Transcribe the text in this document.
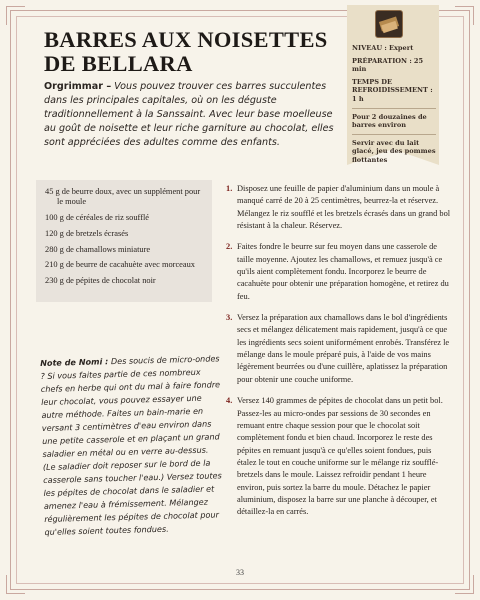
BARRES AUX NOISETTES DE BELLARA
Orgrimmar – Vous pouvez trouver ces barres succulentes dans les principales capitales, où on les déguste traditionnellement à la Sanssaint. Avec leur base moelleuse au goût de noisette et leur riche garniture au chocolat, elles sont appréciées des adultes comme des enfants.
NIVEAU : Expert
PRÉPARATION : 25 min
TEMPS DE REFROIDISSEMENT : 1 h
Pour 2 douzaines de barres environ
Servir avec du lait glacé, jeu des pommes flottantes
45 g de beurre doux, avec un supplément pour le moule
100 g de céréales de riz soufflé
120 g de bretzels écrasés
280 g de chamallows miniature
210 g de beurre de cacahuète avec morceaux
230 g de pépites de chocolat noir
Note de Nomi : Des soucis de micro-ondes ? Si vous faites partie de ces nombreux chefs en herbe qui ont du mal à faire fondre leur chocolat, vous pouvez essayer une autre méthode. Faites un bain-marie en versant 3 centimètres d'eau environ dans une petite casserole et en plaçant un grand saladier en métal ou en verre au-dessus. (Le saladier doit reposer sur le bord de la casserole sans toucher l'eau.) Versez toutes les pépites de chocolat dans le saladier et amenez l'eau à frémissement. Mélangez régulièrement les pépites de chocolat pour qu'elles soient toutes fondues.
1. Disposez une feuille de papier d'aluminium dans un moule à manqué carré de 20 à 25 centimètres, beurrez-la et réservez. Mélangez le riz soufflé et les bretzels écrasés dans un grand bol résistant à la chaleur. Réservez.
2. Faites fondre le beurre sur feu moyen dans une casserole de taille moyenne. Ajoutez les chamallows, et remuez jusqu'à ce qu'ils aient complètement fondu. Incorporez le beurre de cacahuète pour obtenir une préparation homogène, et retirez du feu.
3. Versez la préparation aux chamallows dans le bol d'ingrédients secs et mélangez délicatement mais rapidement, jusqu'à ce que les ingrédients secs soient uniformément enrobés. Transférez le mélange dans le moule préparé puis, à l'aide de vos mains légèrement beurrées ou d'une cuillère, aplatissez la préparation pour obtenir une couche uniforme.
4. Versez 140 grammes de pépites de chocolat dans un petit bol. Passez-les au micro-ondes par sessions de 30 secondes en remuant entre chaque session pour que le chocolat soit complètement fondu et bien chaud. Incorporez le reste des pépites en remuant jusqu'à ce qu'elles soient fondues, puis étalez le tout en couche uniforme sur le mélange riz soufflé-bretzels dans le moule. Laissez refroidir pendant 1 heure environ, puis sortez la barre du moule. Détachez le papier aluminium, disposez la barre sur une planche à découper, et détaillez-la en carrés.
33
